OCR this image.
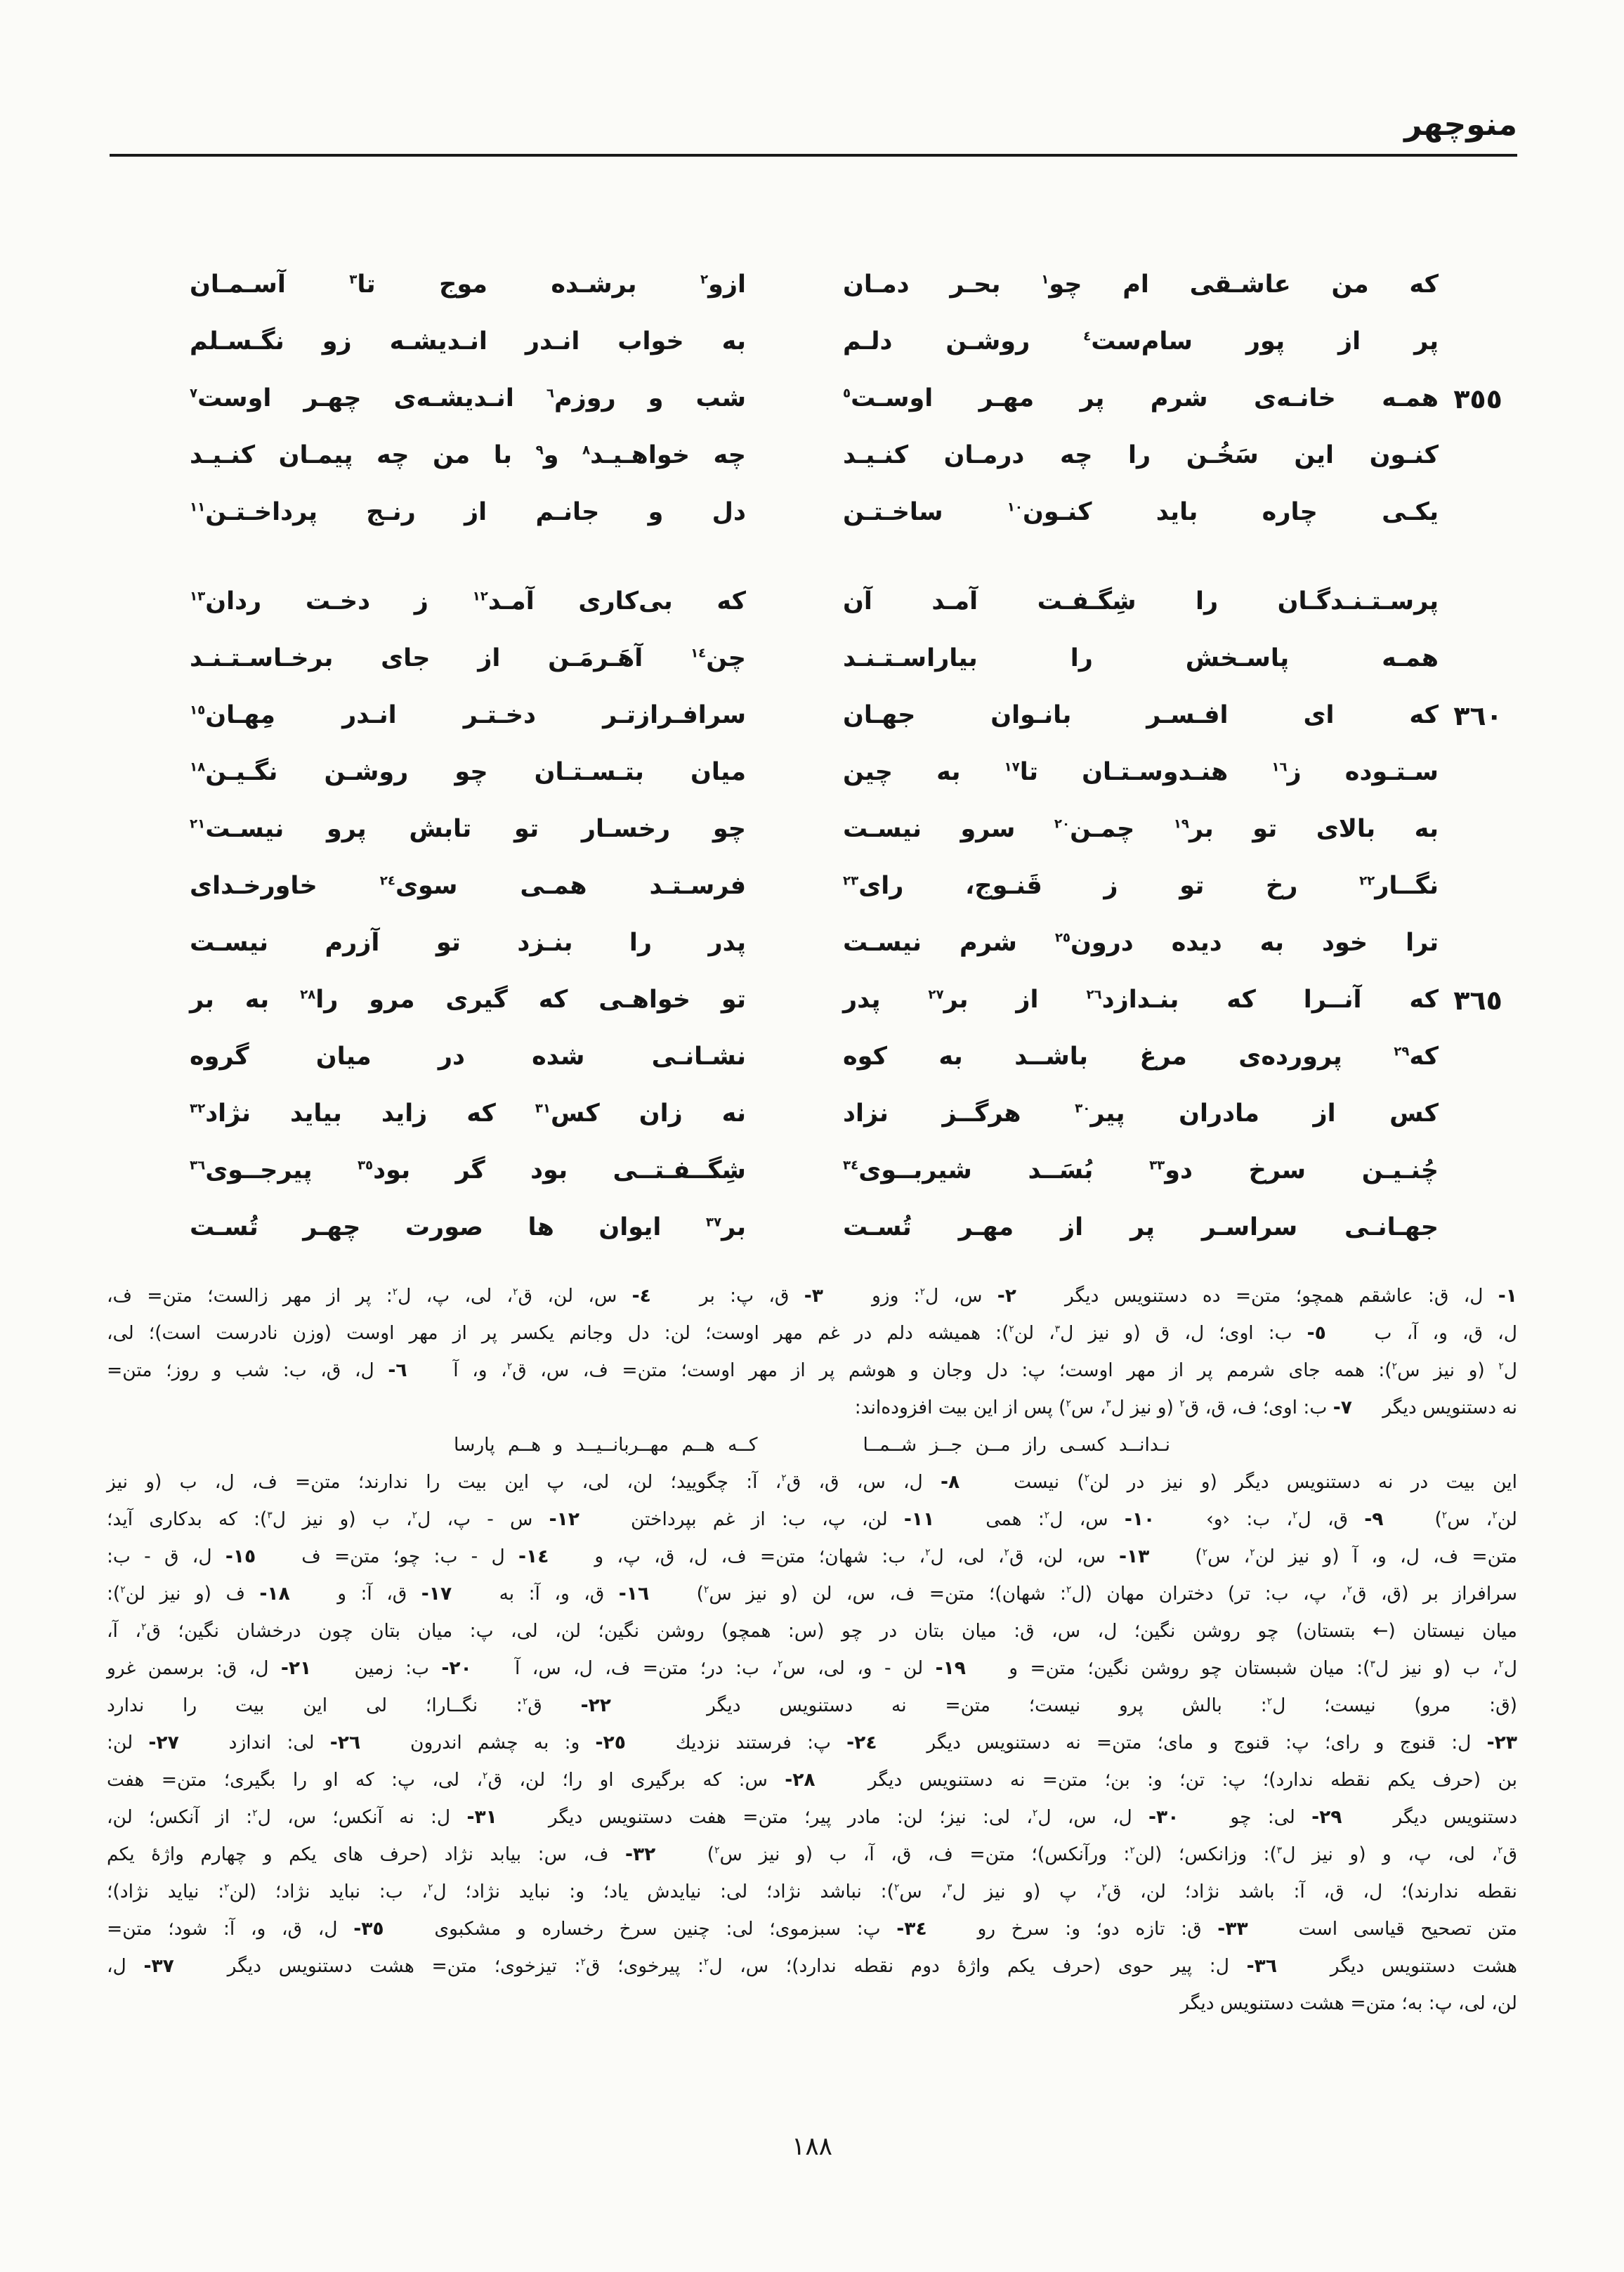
منوچهر
که من عاشـقی ام چو$^١$ بحـر دمـان
ازو$^٢$ برشـده موج تا$^٣$ آسـمـان
پر از پور سام‌ست$^٤$ روشـن دلـم
به خواب انـدر انـدیشـه زو نگـسـلم
٣٥٥
همـه خانـه‌ی شرم پر مهـر اوسـت$^٥$
شب و روزم$^٦$ انـدیشـه‌ی چهـر اوست$^٧$
کنـون این سَخُـن را چه درمـان کنـیـد
چه خواهـیـد$^٨$ و$^٩$ با من چه پیمـان کنـیـد
یکـی چاره باید کنـون$^{١٠}$ ساخـتـن
دل و جانـم از رنـج پرداخـتـن$^{١١}$
پرسـتـنـدگـان را شِگـفـت آمـد آن
که بی‌کاری آمـد$^{١٢}$ ز دخـت ردان$^{١٣}$
همـه پاسـخش را بیاراسـتـنـد
چن$^{١٤}$ آهَـرمَـن از جای برخـاسـتـنـد
٣٦٠
که ای افـسـر بانـوان جهـان
سرافـرازتـر دخـتـر انـدر مِهـان$^{١٥}$
سـتـوده ز$^{١٦}$ هنـدوسـتـان تا$^{١٧}$ به چین
میان بتـسـتـان چو روشـن نگـیـن$^{١٨}$
به بالای تو بر$^{١٩}$ چمـن$^{٢٠}$ سرو نیسـت
چو رخسـار تو تابش پرو نیسـت$^{٢١}$
نگــار$^{٢٢}$ رخ تو ز قَنـوج، رای$^{٢٣}$
فرسـتـد همـی سوی$^{٢٤}$ خاورخـدای
ترا خود به دیده درون$^{٢٥}$ شرم نیسـت
پدر را بنـزد تو آزرم نیسـت
٣٦٥
که آنــرا که بنـدازد$^{٢٦}$ از بر$^{٢٧}$ پدر
تو خواهـی که گیری مرو را$^{٢٨}$ به بر
که$^{٢٩}$ پرورده‌ی مرغ باشــد به کوه
نشـانـی شده در میان گروه
کس از مادران پیر$^{٣٠}$ هرگــز نزاد
نه زان کس$^{٣١}$ که زاید بیاید نژاد$^{٣٢}$
چُنـیـن سرخ دو$^{٣٣}$ بُسَــد شیربــوی$^{٣٤}$
شِگــفـتــی بود گر بود$^{٣٥}$ پیرجــوی$^{٣٦}$
جهـانـی سراسـر پر از مهـر تُسـت
بر$^{٣٧}$ ایوان ها صورت چهـر تُسـت
١- ل، ق: عاشقم همچو؛ متن= ده دستنویس دیگر   ٢- س، ل$^٢$: وزو   ٣- ق، پ: بر   ٤- س، لن، ق$^٢$، لی، پ، ل$^٢$: پر از مهر زالست؛ متن= ف،
ل، ق، و، آ، ب   ٥- ب: اوی؛ ل، ق (و نیز ل$^٣$، لن$^٢$): همیشه دلم در غم مهر اوست؛ لن: دل وجانم یکسر پر از مهر اوست (وزن نادرست است)؛ لی،
ل$^٢$ (و نیز س$^٢$): همه جای شرمم پر از مهر اوست؛ پ: دل وجان و هوشم پر از مهر اوست؛ متن= ف، س، ق$^٢$، و، آ   ٦- ل، ق، ب: شب و روز؛ متن=
نه دستنویس دیگر   ٧- ب: اوی؛ ف، ق، ق$^٢$ (و نیز ل$^٣$، س$^٢$) پس از این بیت افزوده‌اند:
نـدانــد کسـی راز مــن جــز شــمــا
کــه هــم مهــربانــیــد و هــم پارسا
این بیت در نه دستنویس دیگر (و نیز در لن$^٢$) نیست   ٨- ل، س، ق، ق$^٢$، آ: چگویید؛ لن، لی، پ این بیت را ندارند؛ متن= ف، ل، ب (و نیز
لن$^٢$، س$^٢$)   ٩- ق، ل$^٢$، ب: ‹و›   ١٠- س، ل$^٢$: همی   ١١- لن، پ، ب: از غم بپرداختن   ١٢- س - پ، ل$^٢$، ب (و نیز ل$^٣$): که بدکاری آید؛
متن= ف، ل، و، آ (و نیز لن$^٢$، س$^٢$)   ١٣- س، لن، ق$^٢$، لی، ل$^٢$، ب: شهان؛ متن= ف، ل، ق، پ، و   ١٤- ل - ب: چو؛ متن= ف   ١٥- ل، ق - ب:
سرافراز بر (ق، ق$^٢$، پ، ب: تر) دختران مهان (ل$^٢$: شهان)؛ متن= ف، س، لن (و نیز س$^٢$)   ١٦- ق، و، آ: به   ١٧- ق، آ: و   ١٨- ف (و نیز لن$^٢$):
میان نیستان (← بتستان) چو روشن نگین؛ ل، س، ق: میان بتان در چو (س: همچو) روشن نگین؛ لن، لی، پ: میان بتان چون درخشان نگین؛ ق$^٢$، آ،
ل$^٢$، ب (و نیز ل$^٣$): میان شبستان چو روشن نگین؛ متن= و   ١٩- لن - و، لی، س$^٢$، ب: در؛ متن= ف، ل، س، آ   ٢٠- ب: زمین   ٢١- ل، ق: برسمن غرو
(ق: مرو) نیست؛ ل$^٢$: بالش پرو نیست؛ متن= نه دستنویس دیگر   ٢٢- ق$^٢$: نگــارا؛ لی این بیت را ندارد
٢٣- ل: قنوج و رای؛ پ: قنوج و مای؛ متن= نه دستنویس دیگر   ٢٤- پ: فرستند نزدیك   ٢٥- و: به چشم اندرون   ٢٦- لی: اندازد   ٢٧- لن:
بن (حرف یکم نقطه ندارد)؛ پ: تن؛ و: بن؛ متن= نه دستنویس دیگر   ٢٨- س: که برگیری او را؛ لن، ق$^٢$، لی، پ: که او را بگیری؛ متن= هفت
دستنویس دیگر   ٢٩- لی: چو   ٣٠- ل، س، ل$^٢$، لی: نیز؛ لن: مادر پیر؛ متن= هفت دستنویس دیگر   ٣١- ل: نه آنکس؛ س، ل$^٢$: از آنکس؛ لن،
ق$^٢$، لی، پ، و (و نیز ل$^٣$): وزانکس؛ (لن$^٢$: ورآنکس)؛ متن= ف، ق، آ، ب (و نیز س$^٢$)   ٣٢- ف، س: بیابد نژاد (حرف های یکم و چهارم واژهٔ یکم
نقطه ندارند)؛ ل، ق، آ: باشد نژاد؛ لن، ق$^٢$، پ (و نیز ل$^٣$، س$^٢$): نباشد نژاد؛ لی: نیایدش یاد؛ و: نباید نژاد؛ ل$^٢$، ب: نباید نژاد؛ (لن$^٢$: نیاید نژاد)؛
متن تصحیح قیاسی است   ٣٣- ق: تازه دو؛ و: سرخ رو   ٣٤- پ: سبزموی؛ لی: چنین سرخ رخساره و مشکبوی   ٣٥- ل، ق، و، آ: شود؛ متن=
هشت دستنویس دیگر   ٣٦- ل: پیر حوی (حرف یکم واژهٔ دوم نقطه ندارد)؛ س، ل$^٢$: پیرخوی؛ ق$^٢$: تیزخوی؛ متن= هشت دستنویس دیگر   ٣٧- ل،
لن، لی، پ: به؛ متن= هشت دستنویس دیگر
١٨٨
